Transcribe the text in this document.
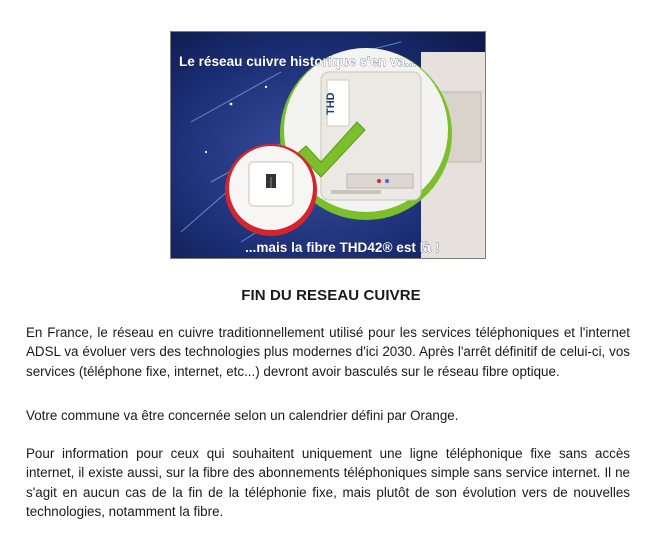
THD
Le réseau cuivre historique s'en va...
...mais la fibre THD42® est là !
FIN DU RESEAU CUIVRE
En France, le réseau en cuivre traditionnellement utilisé pour les services téléphoniques et l'internet ADSL va évoluer vers des technologies plus modernes d'ici 2030. Après l'arrêt définitif de celui-ci, vos services (téléphone fixe, internet, etc...) devront avoir basculés sur le réseau fibre optique.
Votre commune va être concernée selon un calendrier défini par Orange.
Pour information pour ceux qui souhaitent uniquement une ligne téléphonique fixe sans accès internet, il existe aussi, sur la fibre des abonnements téléphoniques simple sans service internet. Il ne s'agit en aucun cas de la fin de la téléphonie fixe, mais plutôt de son évolution vers de nouvelles technologies, notamment la fibre.
